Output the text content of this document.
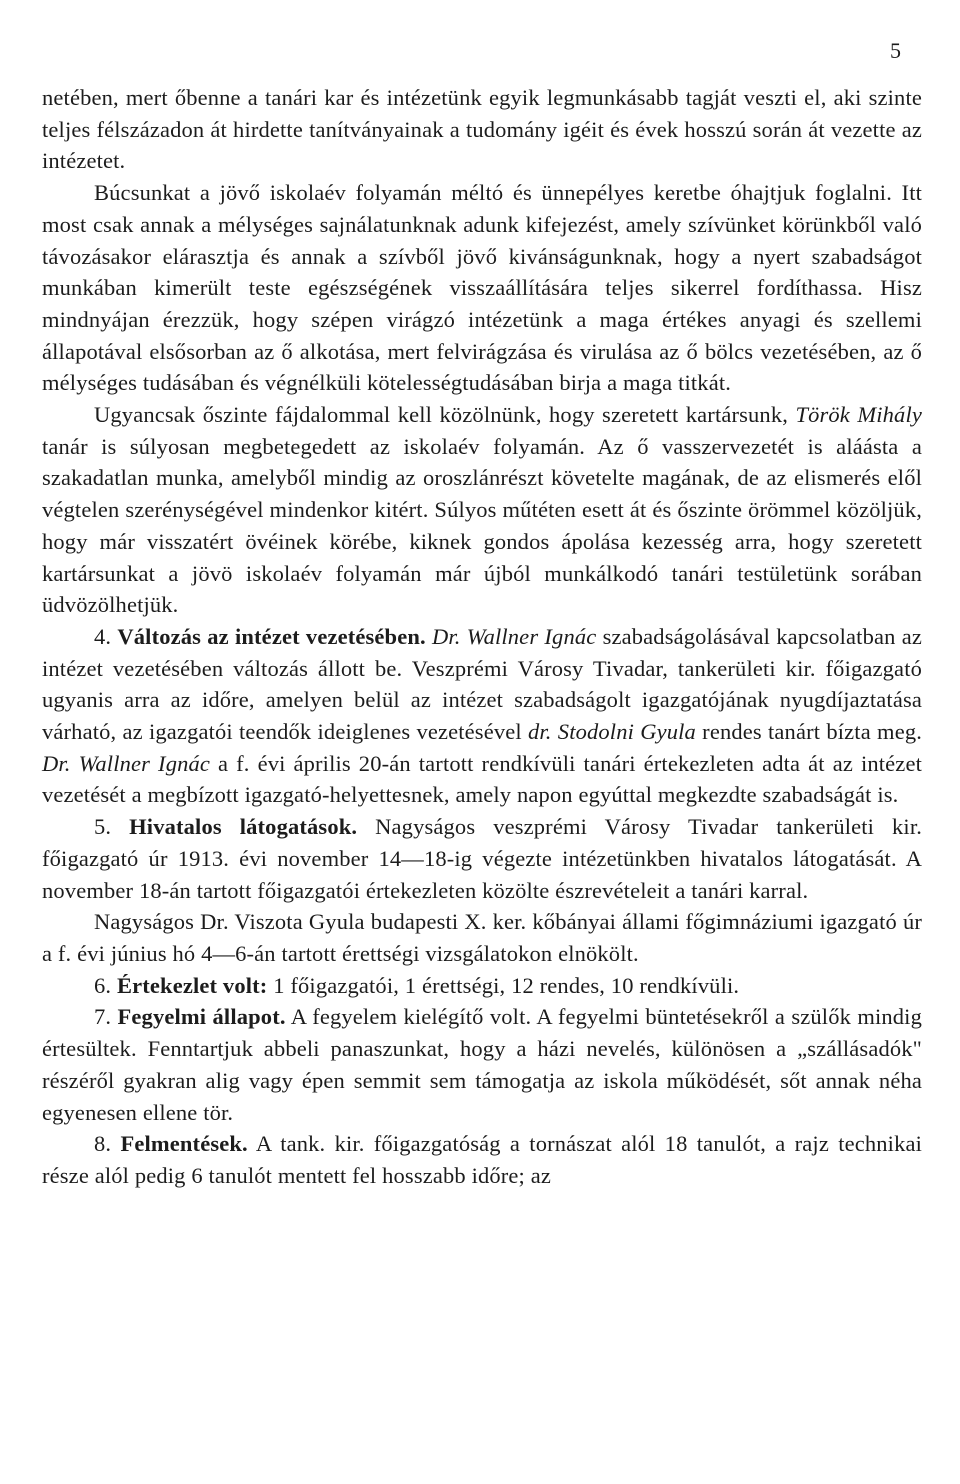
5

netében, mert őbenne a tanári kar és intézetünk egyik legmunkásabb tagját veszti el, aki szinte teljes félszázadon át hirdette tanítványainak a tudomány igéit és évek hosszú során át vezette az intézetet.

Búcsunkat a jövő iskolaév folyamán méltó és ünnepélyes keretbe óhajtjuk foglalni. Itt most csak annak a mélységes sajnálatunknak adunk kifejezést, amely szívünket körünkből való távozásakor elárasztja és annak a szívből jövő kivánságunknak, hogy a nyert szabadságot munkában kimerült teste egészségének visszaállítására teljes sikerrel fordíthassa. Hisz mindnyájan érezzük, hogy szépen virágzó intézetünk a maga értékes anyagi és szellemi állapotával elsősorban az ő alkotása, mert felvirágzása és virulása az ő bölcs vezetésében, az ő mélységes tudásában és végnélküli kötelességtudásában birja a maga titkát.

Ugyancsak őszinte fájdalommal kell közölnünk, hogy szeretett kartársunk, Török Mihály tanár is súlyosan megbetegedett az iskolaév folyamán. Az ő vasszervezetét is aláásta a szakadatlan munka, amelyből mindig az oroszlánrészt követelte magának, de az elismerés elől végtelen szerénységével mindenkor kitért. Súlyos műtéten esett át és őszinte örömmel közöljük, hogy már visszatért övéinek körébe, kiknek gondos ápolása kezesség arra, hogy szeretett kartársunkat a jövö iskolaév folyamán már újból munkálkodó tanári testületünk sorában üdvözölhetjük.

4. Változás az intézet vezetésében. Dr. Wallner Ignác szabadságolásával kapcsolatban az intézet vezetésében változás állott be. Veszprémi Városy Tivadar, tankerületi kir. főigazgató ugyanis arra az időre, amelyen belül az intézet szabadságolt igazgatójának nyugdíjaztatása várható, az igazgatói teendők ideiglenes vezetésével dr. Stodolni Gyula rendes tanárt bízta meg. Dr. Wallner Ignác a f. évi április 20-án tartott rendkívüli tanári értekezleten adta át az intézet vezetését a megbízott igazgató-helyettesnek, amely napon egyúttal megkezdte szabadságát is.

5. Hivatalos látogatások. Nagyságos veszprémi Városy Tivadar tankerületi kir. főigazgató úr 1913. évi november 14—18-ig végezte intézetünkben hivatalos látogatását. A november 18-án tartott főigazgatói értekezleten közölte észrevételeit a tanári karral.

Nagyságos Dr. Viszota Gyula budapesti X. ker. kőbányai állami főgimnáziumi igazgató úr a f. évi június hó 4—6-án tartott érettségi vizsgálatokon elnökölt.

6. Értekezlet volt: 1 főigazgatói, 1 érettségi, 12 rendes, 10 rendkívüli.

7. Fegyelmi állapot. A fegyelem kielégítő volt. A fegyelmi büntetésekről a szülők mindig értesültek. Fenntartjuk abbeli panaszunkat, hogy a házi nevelés, különösen a „szállásadók" részéről gyakran alig vagy épen semmit sem támogatja az iskola működését, sőt annak néha egyenesen ellene tör.

8. Felmentések. A tank. kir. főigazgatóság a tornászat alól 18 tanulót, a rajz technikai része alól pedig 6 tanulót mentett fel hosszabb időre; az
